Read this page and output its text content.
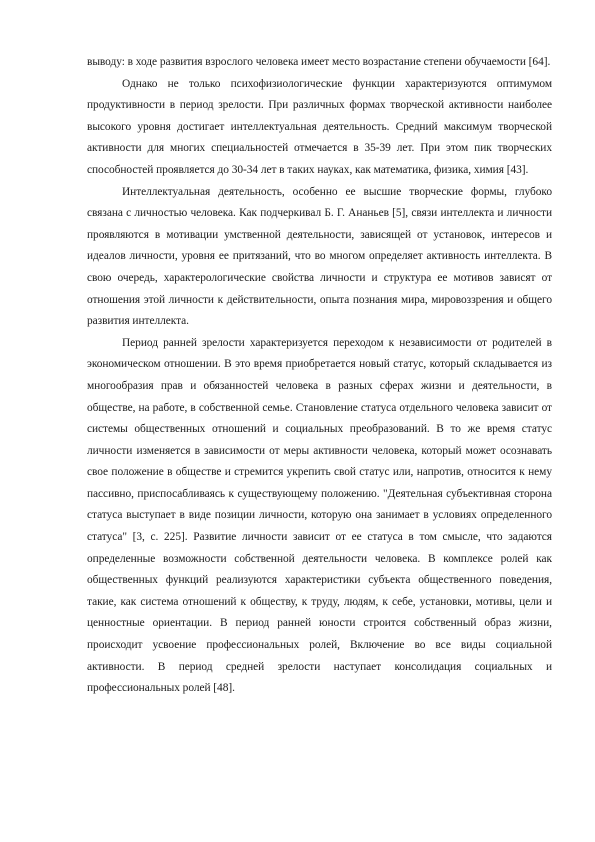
выводу: в ходе развития взрослого человека имеет место возрастание степени обучаемости [64].

Однако не только психофизиологические функции характеризуются оптимумом продуктивности в период зрелости. При различных формах творческой активности наиболее высокого уровня достигает интеллектуальная деятельность. Средний максимум творческой активности для многих специальностей отмечается в 35-39 лет. При этом пик творческих способностей проявляется до 30-34 лет в таких науках, как математика, физика, химия [43].

Интеллектуальная деятельность, особенно ее высшие творческие формы, глубоко связана с личностью человека. Как подчеркивал Б. Г. Ананьев [5], связи интеллекта и личности проявляются в мотивации умственной деятельности, зависящей от установок, интересов и идеалов личности, уровня ее притязаний, что во многом определяет активность интеллекта. В свою очередь, характерологические свойства личности и структура ее мотивов зависят от отношения этой личности к действительности, опыта познания мира, мировоззрения и общего развития интеллекта.

Период ранней зрелости характеризуется переходом к независимости от родителей в экономическом отношении. В это время приобретается новый статус, который складывается из многообразия прав и обязанностей человека в разных сферах жизни и деятельности, в обществе, на работе, в собственной семье. Становление статуса отдельного человека зависит от системы общественных отношений и социальных преобразований. В то же время статус личности изменяется в зависимости от меры активности человека, который может осознавать свое положение в обществе и стремится укрепить свой статус или, напротив, относится к нему пассивно, приспосабливаясь к существующему положению. "Деятельная субъективная сторона статуса выступает в виде позиции личности, которую она занимает в условиях определенного статуса" [3, с. 225]. Развитие личности зависит от ее статуса в том смысле, что задаются определенные возможности собственной деятельности человека. В комплексе ролей как общественных функций реализуются характеристики субъекта общественного поведения, такие, как система отношений к обществу, к труду, людям, к себе, установки, мотивы, цели и ценностные ориентации. В период ранней юности строится собственный образ жизни, происходит усвоение профессиональных ролей, Включение во все виды социальной активности. В период средней зрелости наступает консолидация социальных и профессиональных ролей [48].
